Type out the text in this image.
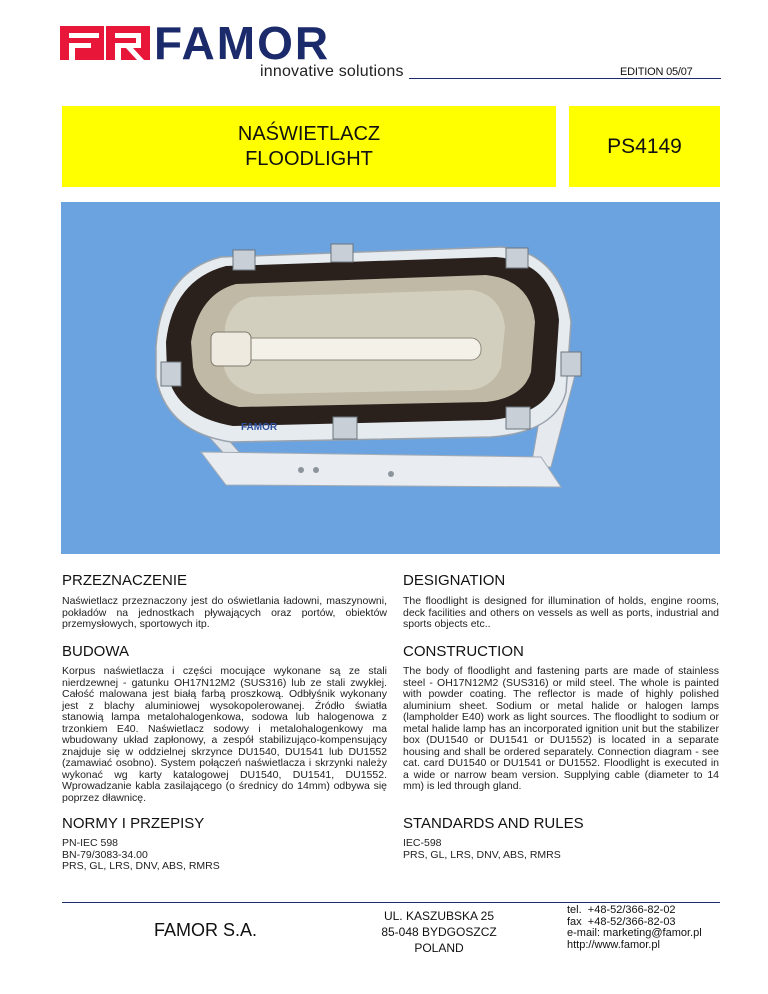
FAMOR
innovative solutions	EDITION 05/07
NAŚWIETLACZ
FLOODLIGHT
PS4149
FAMOR
PRZEZNACZENIE	DESIGNATION
Naświetlacz przeznaczony jest do oświetlania ładowni, maszynowni, pokładów na jednostkach pływających oraz portów, obiektów przemysłowych, sportowych itp.
The floodlight is designed for illumination of holds, engine rooms, deck facilities and others on vessels as well as ports, industrial and sports objects etc..
BUDOWA	CONSTRUCTION
Korpus naświetlacza i części mocujące wykonane są ze stali nierdzewnej - gatunku OH17N12M2 (SUS316) lub ze stali zwykłej. Całość malowana jest białą farbą proszkową. Odbłyśnik wykonany jest z blachy aluminiowej wysokopolerowanej. Źródło światła stanowią lampa metalohalogenkowa, sodowa lub halogenowa z trzonkiem E40. Naświetlacz sodowy i metalohalogenkowy ma wbudowany układ zapłonowy, a zespół stabilizująco-kompensujący znajduje się w oddzielnej skrzynce DU1540, DU1541 lub DU1552 (zamawiać osobno). System połączeń naświetlacza i skrzynki należy wykonać wg karty katalogowej DU1540, DU1541, DU1552. Wprowadzanie kabla zasilającego (o średnicy do 14mm) odbywa się poprzez dławnicę.
The body of floodlight and fastening parts are made of stainless steel - OH17N12M2 (SUS316) or mild steel. The whole is painted with powder coating. The reflector is made of highly polished aluminium sheet. Sodium or metal halide or halogen lamps (lampholder E40) work as light sources. The floodlight to sodium or metal halide lamp has an incorporated ignition unit but the stabilizer box (DU1540 or DU1541 or DU1552) is located in a separate housing and shall be ordered separately. Connection diagram - see cat. card DU1540 or DU1541 or DU1552. Floodlight is executed in a wide or narrow beam version. Supplying cable (diameter to 14 mm) is led through gland.
NORMY I PRZEPISY	STANDARDS AND RULES
PN-IEC 598
BN-79/3083-34.00
PRS, GL, LRS, DNV, ABS, RMRS
IEC-598
PRS, GL, LRS, DNV, ABS, RMRS
FAMOR S.A.
UL. KASZUBSKA 25
85-048 BYDGOSZCZ
POLAND
tel.  +48-52/366-82-02
fax  +48-52/366-82-03
e-mail: marketing@famor.pl
http://www.famor.pl
